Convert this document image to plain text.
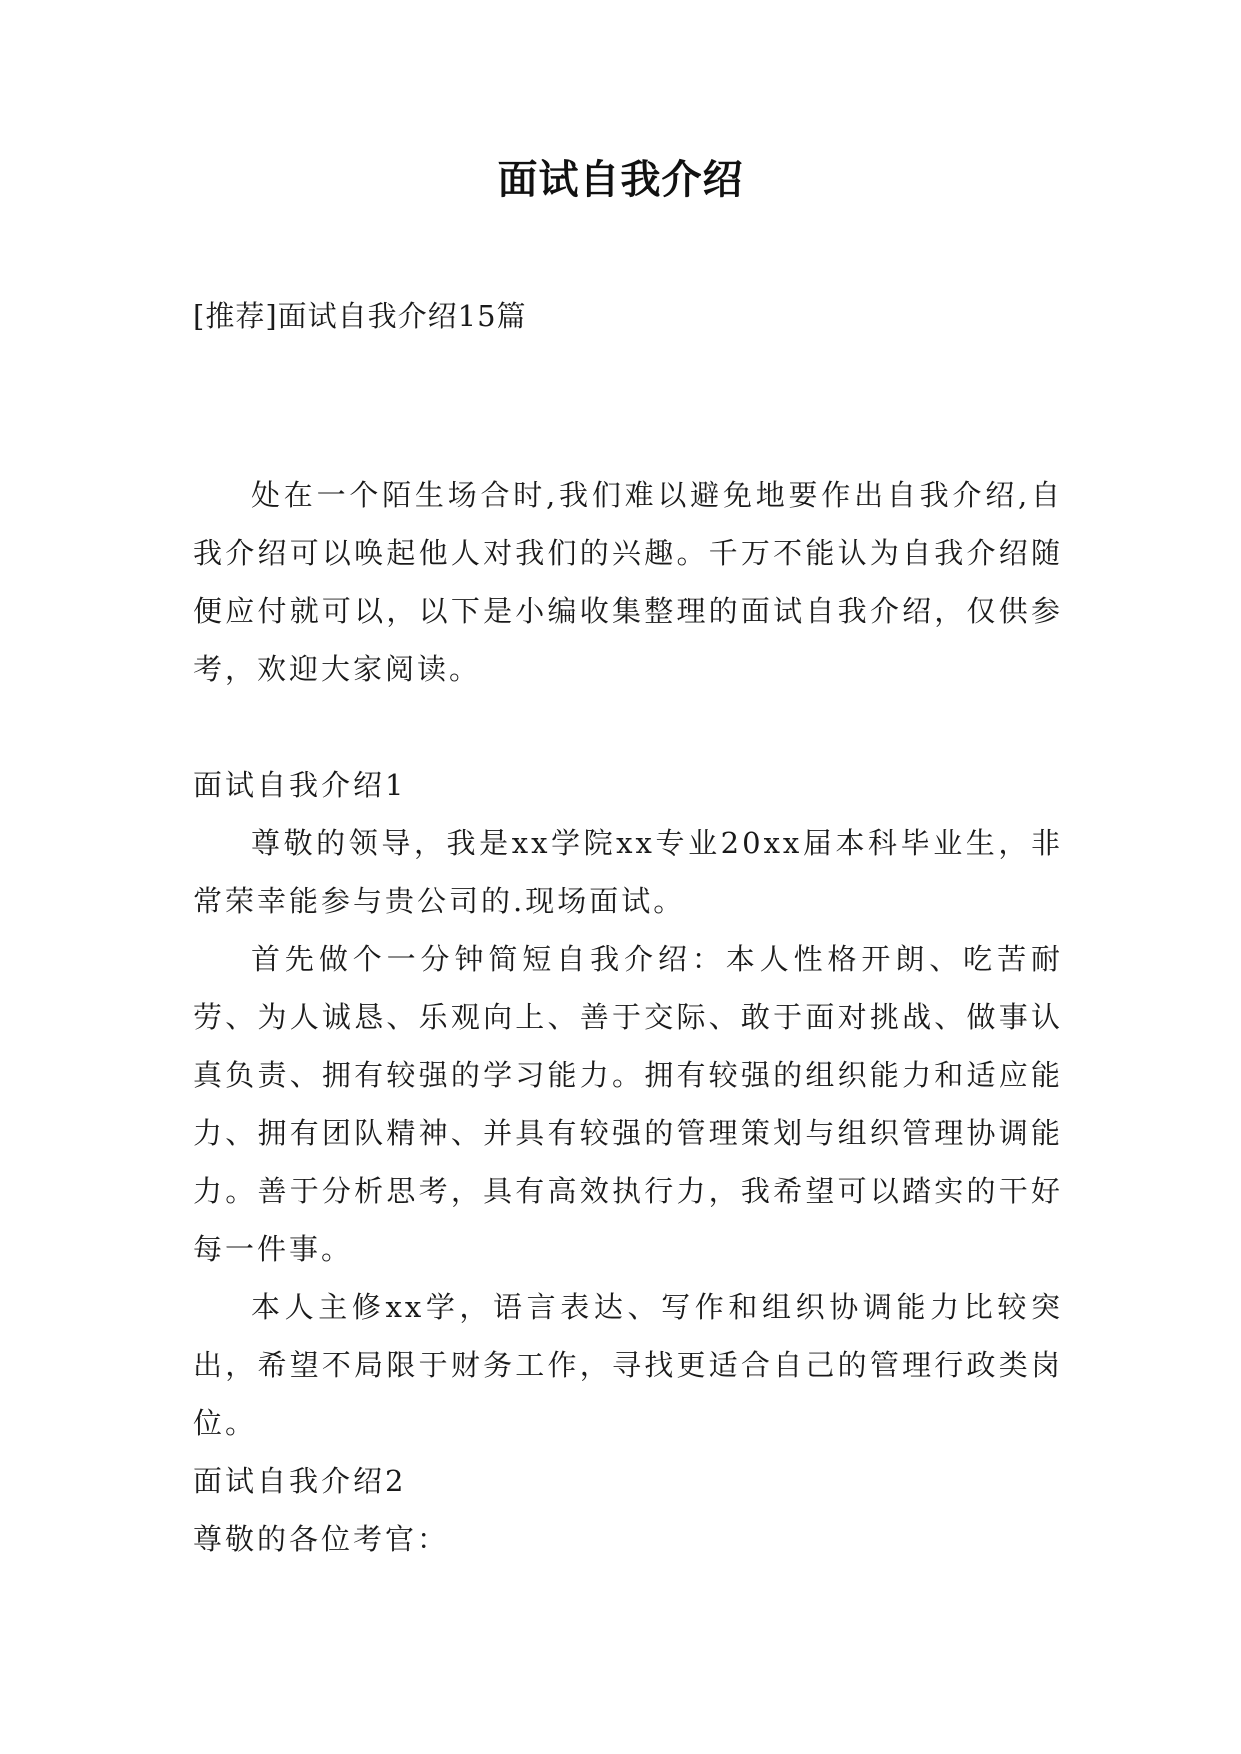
面试自我介绍
[推荐]面试自我介绍15篇

处在一个陌生场合时,我们难以避免地要作出自我介绍,自我介绍可以唤起他人对我们的兴趣。千万不能认为自我介绍随便应付就可以，以下是小编收集整理的面试自我介绍，仅供参考，欢迎大家阅读。

面试自我介绍1

尊敬的领导，我是xx学院xx专业20xx届本科毕业生，非常荣幸能参与贵公司的.现场面试。

首先做个一分钟简短自我介绍：本人性格开朗、吃苦耐劳、为人诚恳、乐观向上、善于交际、敢于面对挑战、做事认真负责、拥有较强的学习能力。拥有较强的组织能力和适应能力、拥有团队精神、并具有较强的管理策划与组织管理协调能力。善于分析思考，具有高效执行力，我希望可以踏实的干好每一件事。

本人主修xx学，语言表达、写作和组织协调能力比较突出，希望不局限于财务工作，寻找更适合自己的管理行政类岗位。

面试自我介绍2

尊敬的各位考官：
